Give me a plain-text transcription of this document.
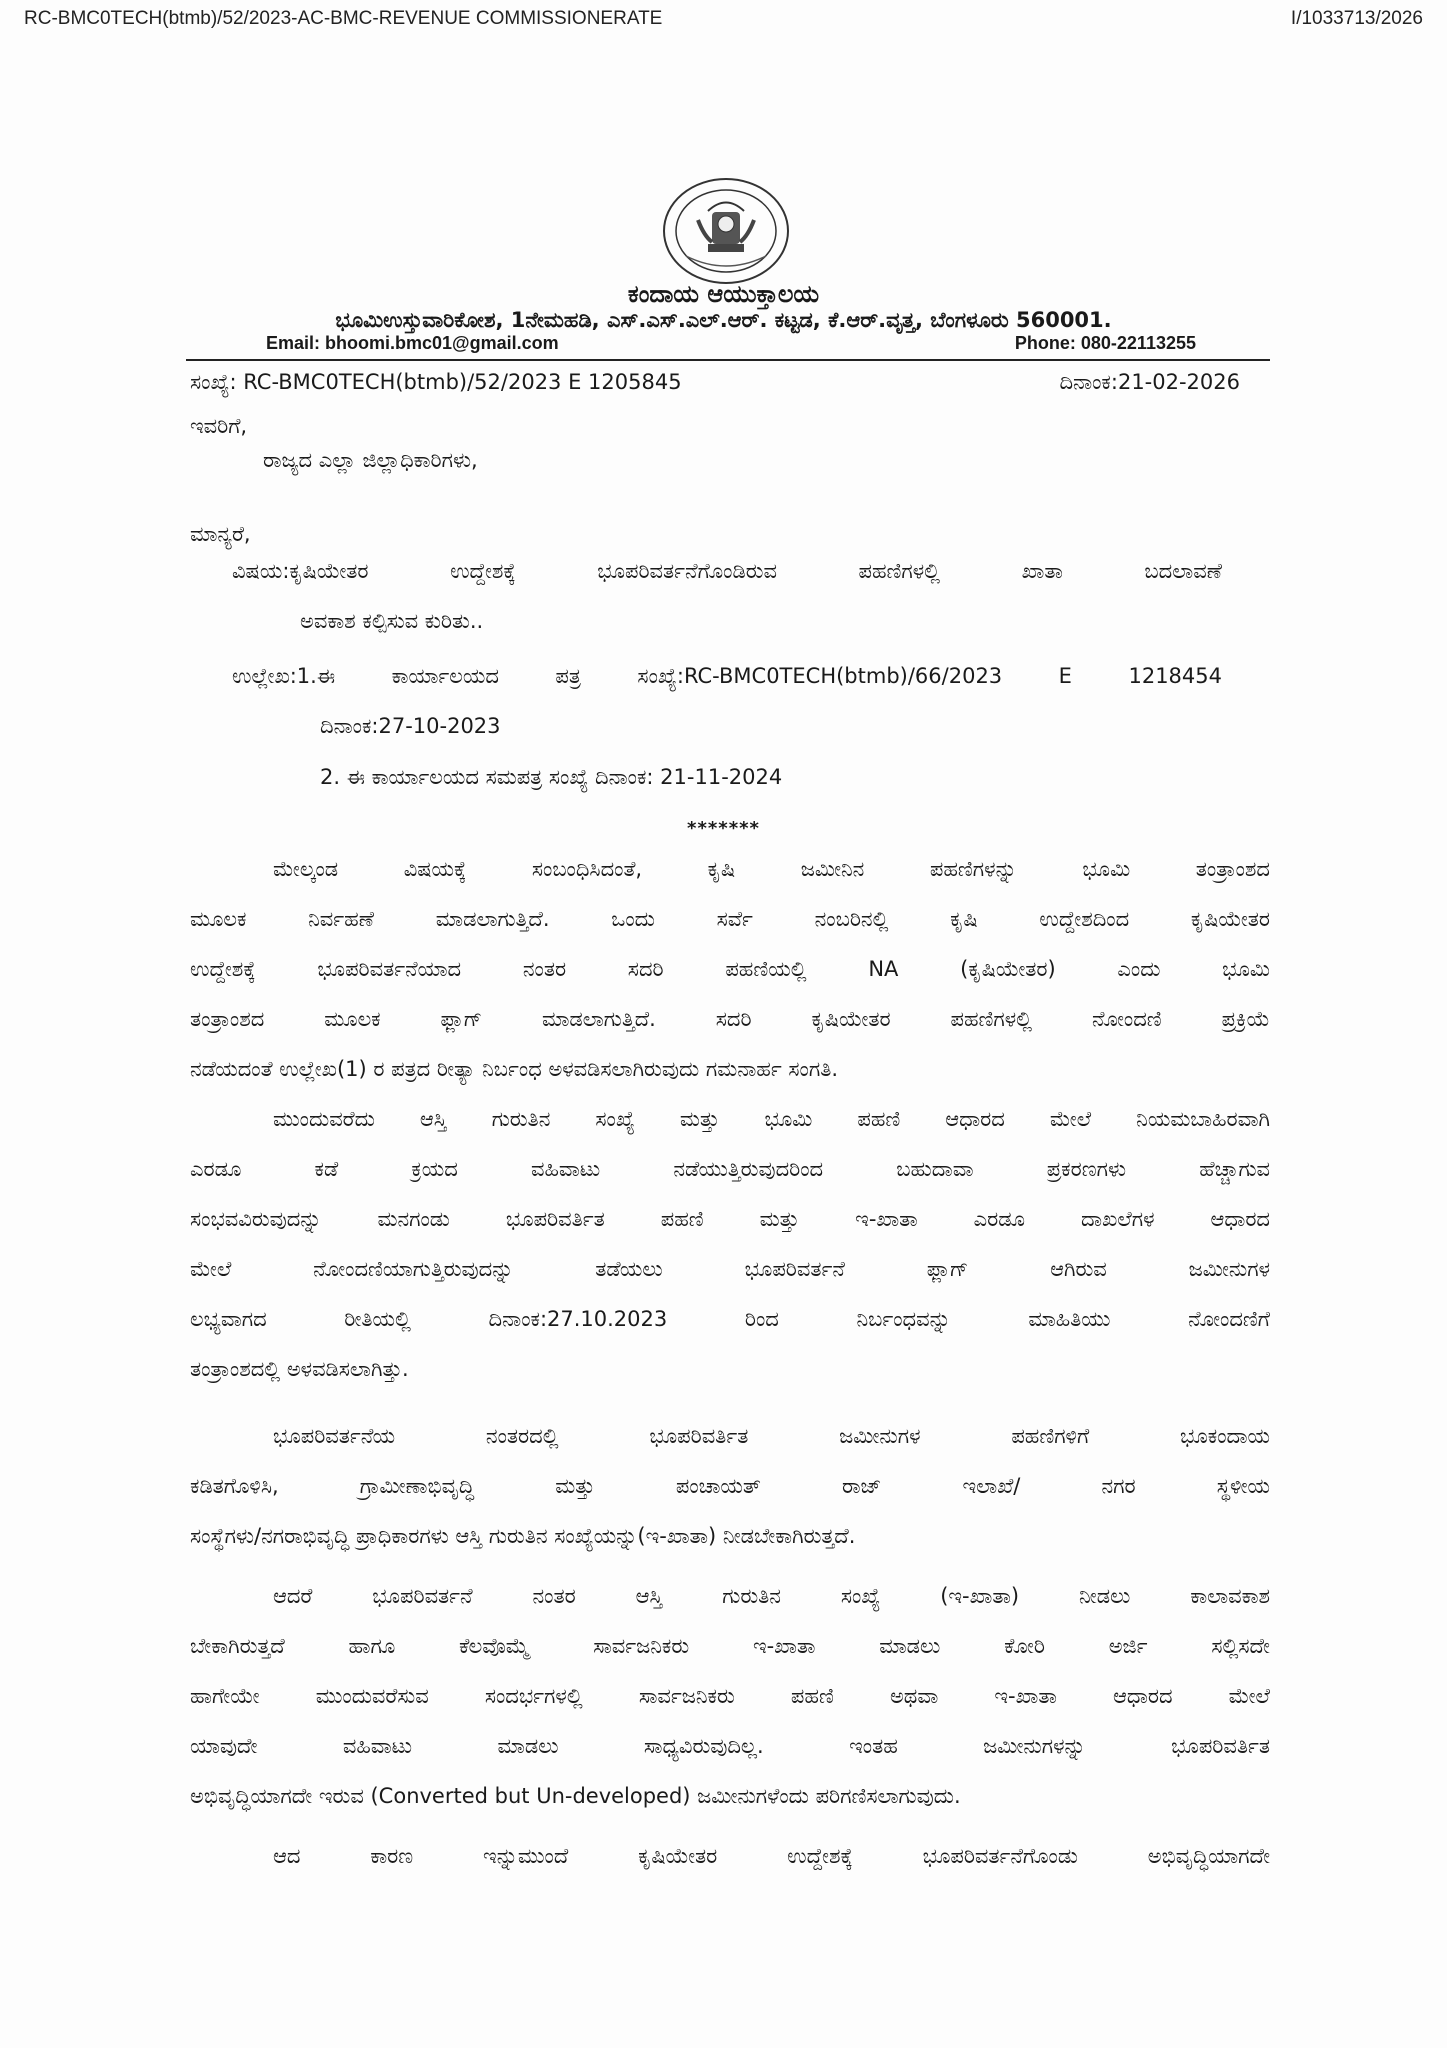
RC-BMC0TECH(btmb)/52/2023-AC-BMC-REVENUE COMMISSIONERATE	I/1033713/2026
ಕಂದಾಯ ಆಯುಕ್ತಾಲಯ
ಭೂಮಿಉಸ್ತುವಾರಿಕೋಶ, 1ನೇಮಹಡಿ, ಎಸ್.ಎಸ್.ಎಲ್.ಆರ್. ಕಟ್ಟಡ, ಕೆ.ಆರ್.ವೃತ್ತ, ಬೆಂಗಳೂರು 560001.
Email: bhoomi.bmc01@gmail.com	Phone: 080-22113255
ಸಂಖ್ಯೆ: RC-BMC0TECH(btmb)/52/2023 E 1205845	ದಿನಾಂಕ:21-02-2026
ಇವರಿಗೆ,
ರಾಜ್ಯದ ಎಲ್ಲಾ ಜಿಲ್ಲಾಧಿಕಾರಿಗಳು,
ಮಾನ್ಯರೆ,
ವಿಷಯ:ಕೃಷಿಯೇತರ ಉದ್ದೇಶಕ್ಕೆ ಭೂಪರಿವರ್ತನೆಗೊಂಡಿರುವ ಪಹಣಿಗಳಲ್ಲಿ ಖಾತಾ ಬದಲಾವಣೆ
ಅವಕಾಶ ಕಲ್ಪಿಸುವ ಕುರಿತು..
ಉಲ್ಲೇಖ:1.ಈ ಕಾರ್ಯಾಲಯದ ಪತ್ರ ಸಂಖ್ಯೆ:RC-BMC0TECH(btmb)/66/2023 E 1218454
ದಿನಾಂಕ:27-10-2023
2. ಈ ಕಾರ್ಯಾಲಯದ ಸಮಪತ್ರ ಸಂಖ್ಯೆ ದಿನಾಂಕ: 21-11-2024
*******
ಮೇಲ್ಕಂಡ ವಿಷಯಕ್ಕೆ ಸಂಬಂಧಿಸಿದಂತೆ, ಕೃಷಿ ಜಮೀನಿನ ಪಹಣಿಗಳನ್ನು ಭೂಮಿ ತಂತ್ರಾಂಶದ
ಮೂಲಕ ನಿರ್ವಹಣೆ ಮಾಡಲಾಗುತ್ತಿದೆ. ಒಂದು ಸರ್ವೆ ನಂಬರಿನಲ್ಲಿ ಕೃಷಿ ಉದ್ದೇಶದಿಂದ ಕೃಷಿಯೇತರ
ಉದ್ದೇಶಕ್ಕೆ ಭೂಪರಿವರ್ತನೆಯಾದ ನಂತರ ಸದರಿ ಪಹಣಿಯಲ್ಲಿ NA (ಕೃಷಿಯೇತರ) ಎಂದು ಭೂಮಿ
ತಂತ್ರಾಂಶದ ಮೂಲಕ ಫ್ಲಾಗ್ ಮಾಡಲಾಗುತ್ತಿದೆ. ಸದರಿ ಕೃಷಿಯೇತರ ಪಹಣಿಗಳಲ್ಲಿ ನೋಂದಣಿ ಪ್ರಕ್ರಿಯೆ
ನಡೆಯದಂತೆ ಉಲ್ಲೇಖ(1) ರ ಪತ್ರದ ರೀತ್ಯಾ ನಿರ್ಬಂಧ ಅಳವಡಿಸಲಾಗಿರುವುದು ಗಮನಾರ್ಹ ಸಂಗತಿ.
ಮುಂದುವರೆದು ಆಸ್ತಿ ಗುರುತಿನ ಸಂಖ್ಯೆ ಮತ್ತು ಭೂಮಿ ಪಹಣಿ ಆಧಾರದ ಮೇಲೆ ನಿಯಮಬಾಹಿರವಾಗಿ
ಎರಡೂ ಕಡೆ ಕ್ರಯದ ವಹಿವಾಟು ನಡೆಯುತ್ತಿರುವುದರಿಂದ ಬಹುದಾವಾ ಪ್ರಕರಣಗಳು ಹೆಚ್ಚಾಗುವ
ಸಂಭವವಿರುವುದನ್ನು ಮನಗಂಡು ಭೂಪರಿವರ್ತಿತ ಪಹಣಿ ಮತ್ತು ಇ-ಖಾತಾ ಎರಡೂ ದಾಖಲೆಗಳ ಆಧಾರದ
ಮೇಲೆ ನೋಂದಣಿಯಾಗುತ್ತಿರುವುದನ್ನು ತಡೆಯಲು ಭೂಪರಿವರ್ತನೆ ಫ್ಲಾಗ್ ಆಗಿರುವ ಜಮೀನುಗಳ
ಲಭ್ಯವಾಗದ ರೀತಿಯಲ್ಲಿ ದಿನಾಂಕ:27.10.2023 ರಿಂದ ನಿರ್ಬಂಧವನ್ನು ಮಾಹಿತಿಯು ನೋಂದಣಿಗೆ
ತಂತ್ರಾಂಶದಲ್ಲಿ ಅಳವಡಿಸಲಾಗಿತ್ತು.
ಭೂಪರಿವರ್ತನೆಯ ನಂತರದಲ್ಲಿ ಭೂಪರಿವರ್ತಿತ ಜಮೀನುಗಳ ಪಹಣಿಗಳಿಗೆ ಭೂಕಂದಾಯ
ಕಡಿತಗೊಳಿಸಿ, ಗ್ರಾಮೀಣಾಭಿವೃದ್ಧಿ ಮತ್ತು ಪಂಚಾಯತ್ ರಾಜ್ ಇಲಾಖೆ/ ನಗರ ಸ್ಥಳೀಯ
ಸಂಸ್ಥೆಗಳು/ನಗರಾಭಿವೃದ್ಧಿ ಪ್ರಾಧಿಕಾರಗಳು ಆಸ್ತಿ ಗುರುತಿನ ಸಂಖ್ಯೆಯನ್ನು(ಇ-ಖಾತಾ) ನೀಡಬೇಕಾಗಿರುತ್ತದೆ.
ಆದರೆ ಭೂಪರಿವರ್ತನೆ ನಂತರ ಆಸ್ತಿ ಗುರುತಿನ ಸಂಖ್ಯೆ (ಇ-ಖಾತಾ) ನೀಡಲು ಕಾಲಾವಕಾಶ
ಬೇಕಾಗಿರುತ್ತದೆ ಹಾಗೂ ಕೆಲವೊಮ್ಮೆ ಸಾರ್ವಜನಿಕರು ಇ-ಖಾತಾ ಮಾಡಲು ಕೋರಿ ಅರ್ಜಿ ಸಲ್ಲಿಸದೇ
ಹಾಗೇಯೇ ಮುಂದುವರೆಸುವ ಸಂದರ್ಭಗಳಲ್ಲಿ ಸಾರ್ವಜನಿಕರು ಪಹಣಿ ಅಥವಾ ಇ-ಖಾತಾ ಆಧಾರದ ಮೇಲೆ
ಯಾವುದೇ ವಹಿವಾಟು ಮಾಡಲು ಸಾಧ್ಯವಿರುವುದಿಲ್ಲ. ಇಂತಹ ಜಮೀನುಗಳನ್ನು ಭೂಪರಿವರ್ತಿತ
ಅಭಿವೃದ್ಧಿಯಾಗದೇ ಇರುವ (Converted but Un-developed) ಜಮೀನುಗಳೆಂದು ಪರಿಗಣಿಸಲಾಗುವುದು.
ಆದ ಕಾರಣ ಇನ್ನುಮುಂದೆ ಕೃಷಿಯೇತರ ಉದ್ದೇಶಕ್ಕೆ ಭೂಪರಿವರ್ತನೆಗೊಂಡು ಅಭಿವೃದ್ಧಿಯಾಗದೇ
